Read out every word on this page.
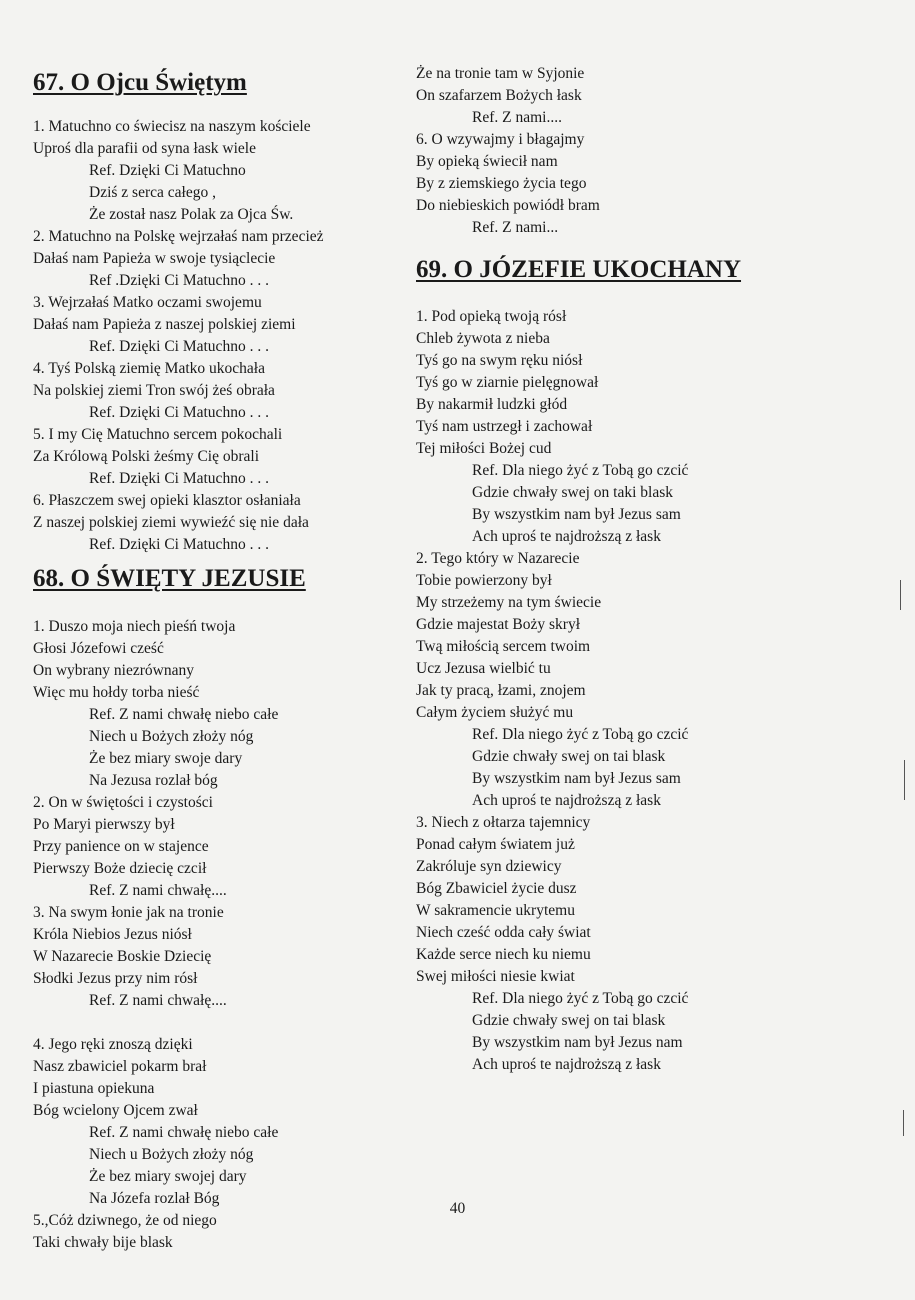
67. O Ojcu Świętym
1. Matuchno co świecisz na naszym kościele
Uproś dla parafii od syna łask wiele
Ref. Dzięki Ci Matuchno
Dziś z serca całego ,
Że został nasz Polak za Ojca Św.
2. Matuchno na Polskę wejrzałaś nam przecież
Dałaś nam Papieża w swoje tysiąclecie
Ref .Dzięki Ci Matuchno . . .
3. Wejrzałaś Matko oczami swojemu
Dałaś nam Papieża z naszej polskiej ziemi
Ref. Dzięki Ci Matuchno . . .
4. Tyś Polską ziemię Matko ukochała
Na polskiej ziemi Tron swój żeś obrała
Ref. Dzięki Ci Matuchno . . .
5. I my Cię Matuchno sercem pokochali
Za Królową Polski żeśmy Cię obrali
Ref. Dzięki Ci Matuchno . . .
6. Płaszczem swej opieki klasztor osłaniała
Z naszej polskiej ziemi wywieźć się nie dała
Ref. Dzięki Ci Matuchno . . .
68. O ŚWIĘTY JEZUSIE
1. Duszo moja niech pieśń twoja
Głosi Józefowi cześć
On wybrany niezrównany
Więc mu hołdy torba nieść
Ref. Z nami chwałę niebo całe
Niech u Bożych złoży nóg
Że bez miary swoje dary
Na Jezusa rozlał bóg
2. On w świętości i czystości
Po Maryi pierwszy był
Przy panience on w stajence
Pierwszy Boże dziecię czcił
Ref. Z nami chwałę....
3. Na swym łonie jak na tronie
Króla Niebios Jezus niósł
W Nazarecie Boskie Dziecię
Słodki Jezus przy nim rósł
Ref. Z nami chwałę....
4. Jego ręki znoszą dzięki
Nasz zbawiciel pokarm brał
I piastuna opiekuna
Bóg wcielony Ojcem zwał
Ref. Z nami chwałę niebo całe
Niech u Bożych złoży nóg
Że bez miary swojej dary
Na Józefa rozlał Bóg
5.,Cóż dziwnego, że od niego
Taki chwały bije blask
Że na tronie tam w Syjonie
On szafarzem Bożych łask
Ref. Z nami....
6. O wzywajmy i błagajmy
By opieką świecił nam
By z ziemskiego życia tego
Do niebieskich powiódł bram
Ref. Z nami...
69. O JÓZEFIE UKOCHANY
1. Pod opieką twoją rósł
Chleb żywota z nieba
Tyś go na swym ręku niósł
Tyś go w ziarnie pielęgnował
By nakarmił ludzki głód
Tyś nam ustrzegł i zachował
Tej miłości Bożej cud
Ref. Dla niego żyć z Tobą go czcić
Gdzie chwały swej on taki blask
By wszystkim nam był Jezus sam
Ach uproś te najdroższą z łask
2. Tego który w Nazarecie
Tobie powierzony był
My strzeżemy na tym świecie
Gdzie majestat Boży skrył
Twą miłością sercem twoim
Ucz Jezusa wielbić tu
Jak ty pracą, łzami, znojem
Całym życiem służyć mu
Ref. Dla niego żyć z Tobą go czcić
Gdzie chwały swej on tai blask
By wszystkim nam był Jezus sam
Ach uproś te najdroższą z łask
3. Niech z ołtarza tajemnicy
Ponad całym światem już
Zakróluje syn dziewicy
Bóg Zbawiciel życie dusz
W sakramencie ukrytemu
Niech cześć odda cały świat
Każde serce niech ku niemu
Swej miłości niesie kwiat
Ref. Dla niego żyć z Tobą go czcić
Gdzie chwały swej on tai blask
By wszystkim nam był Jezus nam
Ach uproś te najdroższą z łask
40
